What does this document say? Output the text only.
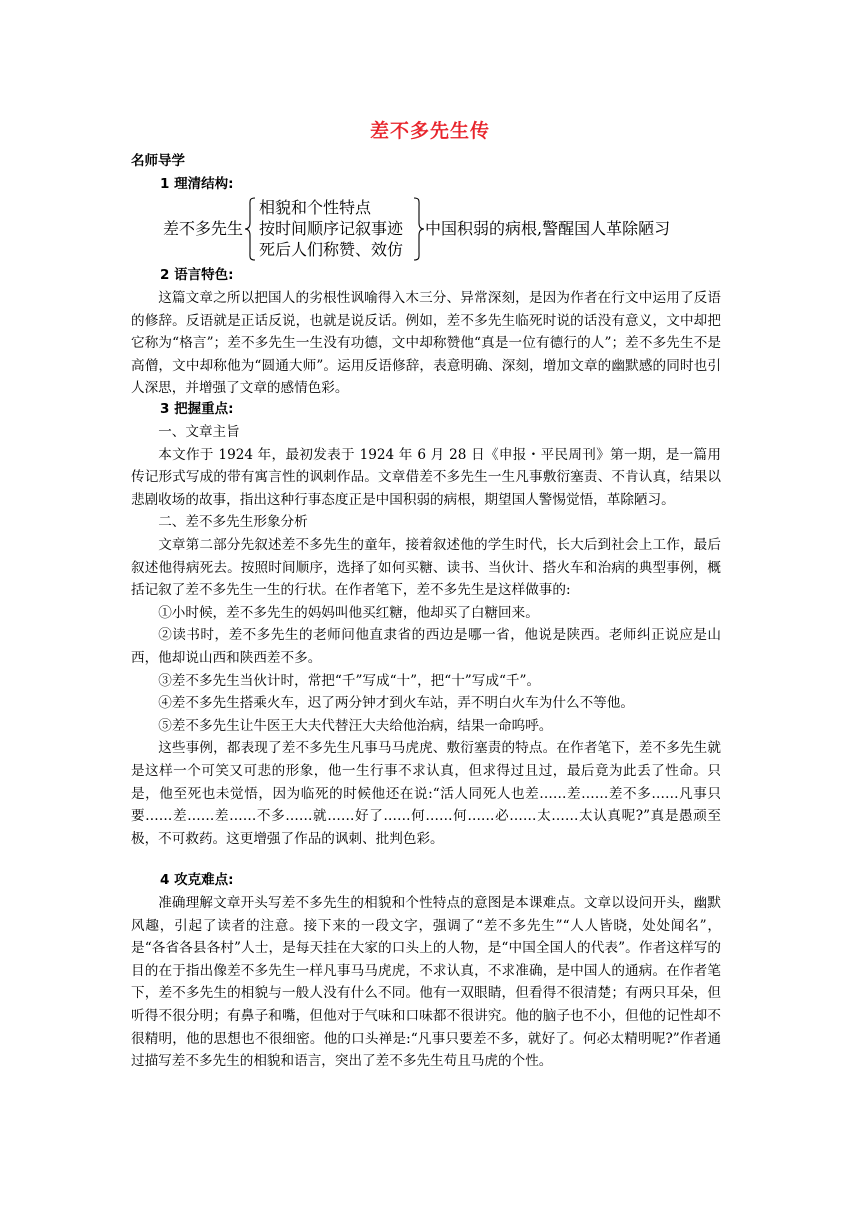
差不多先生传
名师导学
1 理清结构:
差不多先生
相貌和个性特点
按时间顺序记叙事迹
死后人们称赞、效仿
中国积弱的病根,警醒国人革除陋习
2 语言特色:

这篇文章之所以把国人的劣根性讽喻得入木三分、异常深刻，是因为作者在行文中运用了反语的修辞。反语就是正话反说，也就是说反话。例如，差不多先生临死时说的话没有意义，文中却把它称为“格言”；差不多先生一生没有功德，文中却称赞他“真是一位有德行的人”；差不多先生不是高僧，文中却称他为“圆通大师”。运用反语修辞，表意明确、深刻，增加文章的幽默感的同时也引人深思，并增强了文章的感情色彩。

3 把握重点:

一、文章主旨

本文作于 1924 年，最初发表于 1924 年 6 月 28 日《申报・平民周刊》第一期，是一篇用传记形式写成的带有寓言性的讽刺作品。文章借差不多先生一生凡事敷衍塞责、不肯认真，结果以悲剧收场的故事，指出这种行事态度正是中国积弱的病根，期望国人警惕觉悟，革除陋习。

二、差不多先生形象分析

文章第二部分先叙述差不多先生的童年，接着叙述他的学生时代，长大后到社会上工作，最后叙述他得病死去。按照时间顺序，选择了如何买糖、读书、当伙计、搭火车和治病的典型事例，概括记叙了差不多先生一生的行状。在作者笔下，差不多先生是这样做事的:

①小时候，差不多先生的妈妈叫他买红糖，他却买了白糖回来。

②读书时，差不多先生的老师问他直隶省的西边是哪一省，他说是陕西。老师纠正说应是山西，他却说山西和陕西差不多。

③差不多先生当伙计时，常把“千”写成“十”，把“十”写成“千”。

④差不多先生搭乘火车，迟了两分钟才到火车站，弄不明白火车为什么不等他。

⑤差不多先生让牛医王大夫代替汪大夫给他治病，结果一命呜呼。

这些事例，都表现了差不多先生凡事马马虎虎、敷衍塞责的特点。在作者笔下，差不多先生就是这样一个可笑又可悲的形象，他一生行事不求认真，但求得过且过，最后竟为此丢了性命。只是，他至死也未觉悟，因为临死的时候他还在说:“活人同死人也差……差……差不多……凡事只要……差……差……不多……就……好了……何……何……必……太……太认真呢?”真是愚顽至极，不可救药。这更增强了作品的讽刺、批判色彩。

4 攻克难点:

准确理解文章开头写差不多先生的相貌和个性特点的意图是本课难点。文章以设问开头，幽默风趣，引起了读者的注意。接下来的一段文字，强调了“差不多先生”“人人皆晓，处处闻名”，是“各省各县各村”人士，是每天挂在大家的口头上的人物，是“中国全国人的代表”。作者这样写的目的在于指出像差不多先生一样凡事马马虎虎，不求认真，不求准确，是中国人的通病。在作者笔下，差不多先生的相貌与一般人没有什么不同。他有一双眼睛，但看得不很清楚；有两只耳朵，但听得不很分明；有鼻子和嘴，但他对于气味和口味都不很讲究。他的脑子也不小，但他的记性却不很精明，他的思想也不很细密。他的口头禅是:“凡事只要差不多，就好了。何必太精明呢?”作者通过描写差不多先生的相貌和语言，突出了差不多先生苟且马虎的个性。
